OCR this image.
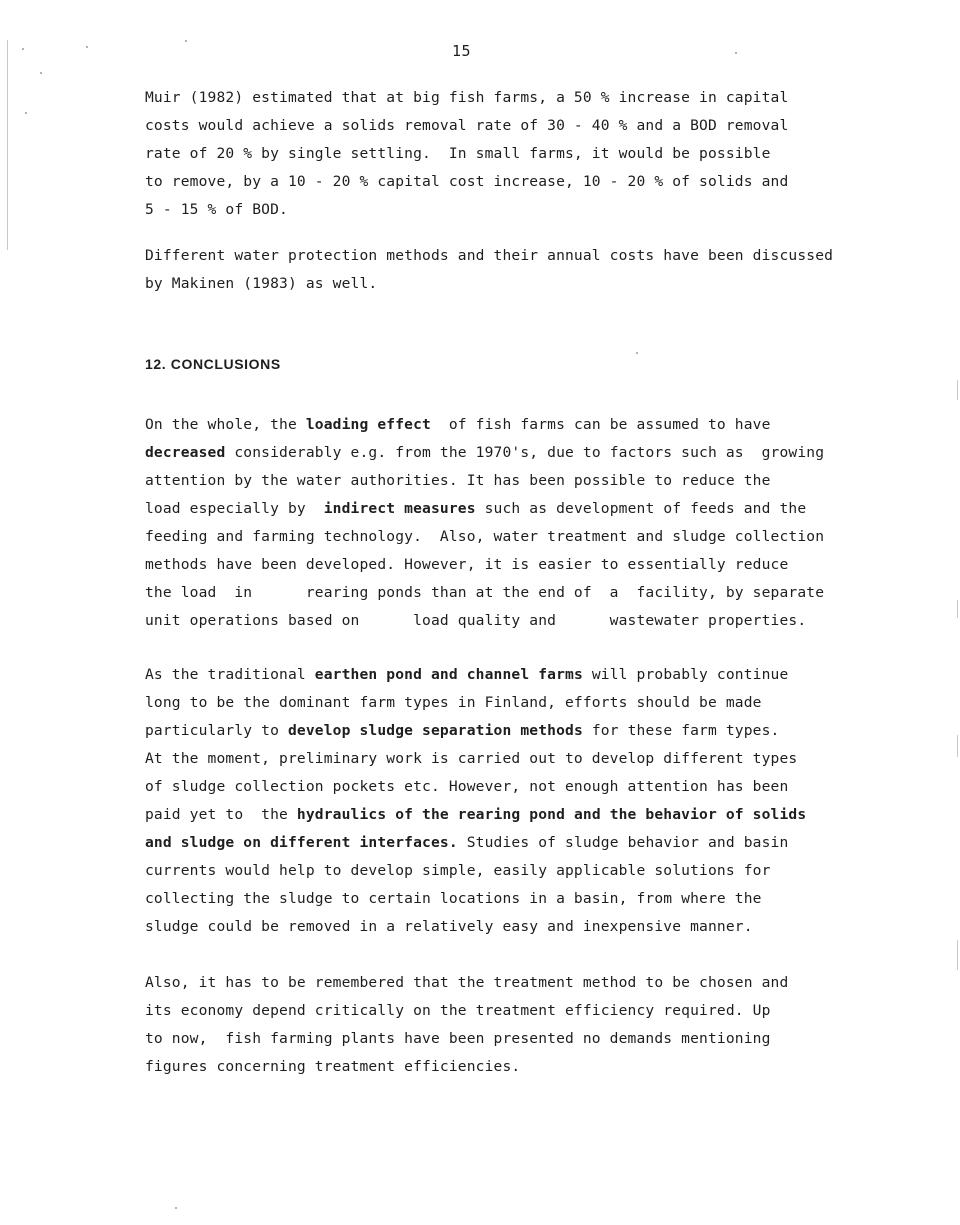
15
Muir (1982) estimated that at big fish farms, a 50 % increase in capital
costs would achieve a solids removal rate of 30 - 40 % and a BOD removal
rate of 20 % by single settling.  In small farms, it would be possible
to remove, by a 10 - 20 % capital cost increase, 10 - 20 % of solids and
5 - 15 % of BOD.
Different water protection methods and their annual costs have been discussed
by Makinen (1983) as well.
12. CONCLUSIONS
On the whole, the loading effect  of fish farms can be assumed to have
decreased considerably e.g. from the 1970's, due to factors such as  growing
attention by the water authorities. It has been possible to reduce the
load especially by  indirect measures such as development of feeds and the
feeding and farming technology.  Also, water treatment and sludge collection
methods have been developed. However, it is easier to essentially reduce
the load  in      rearing ponds than at the end of  a  facility, by separate
unit operations based on      load quality and      wastewater properties.
As the traditional earthen pond and channel farms will probably continue
long to be the dominant farm types in Finland, efforts should be made
particularly to develop sludge separation methods for these farm types.
At the moment, preliminary work is carried out to develop different types
of sludge collection pockets etc. However, not enough attention has been
paid yet to  the hydraulics of the rearing pond and the behavior of solids
and sludge on different interfaces. Studies of sludge behavior and basin
currents would help to develop simple, easily applicable solutions for
collecting the sludge to certain locations in a basin, from where the
sludge could be removed in a relatively easy and inexpensive manner.
Also, it has to be remembered that the treatment method to be chosen and
its economy depend critically on the treatment efficiency required. Up
to now,  fish farming plants have been presented no demands mentioning
figures concerning treatment efficiencies.
